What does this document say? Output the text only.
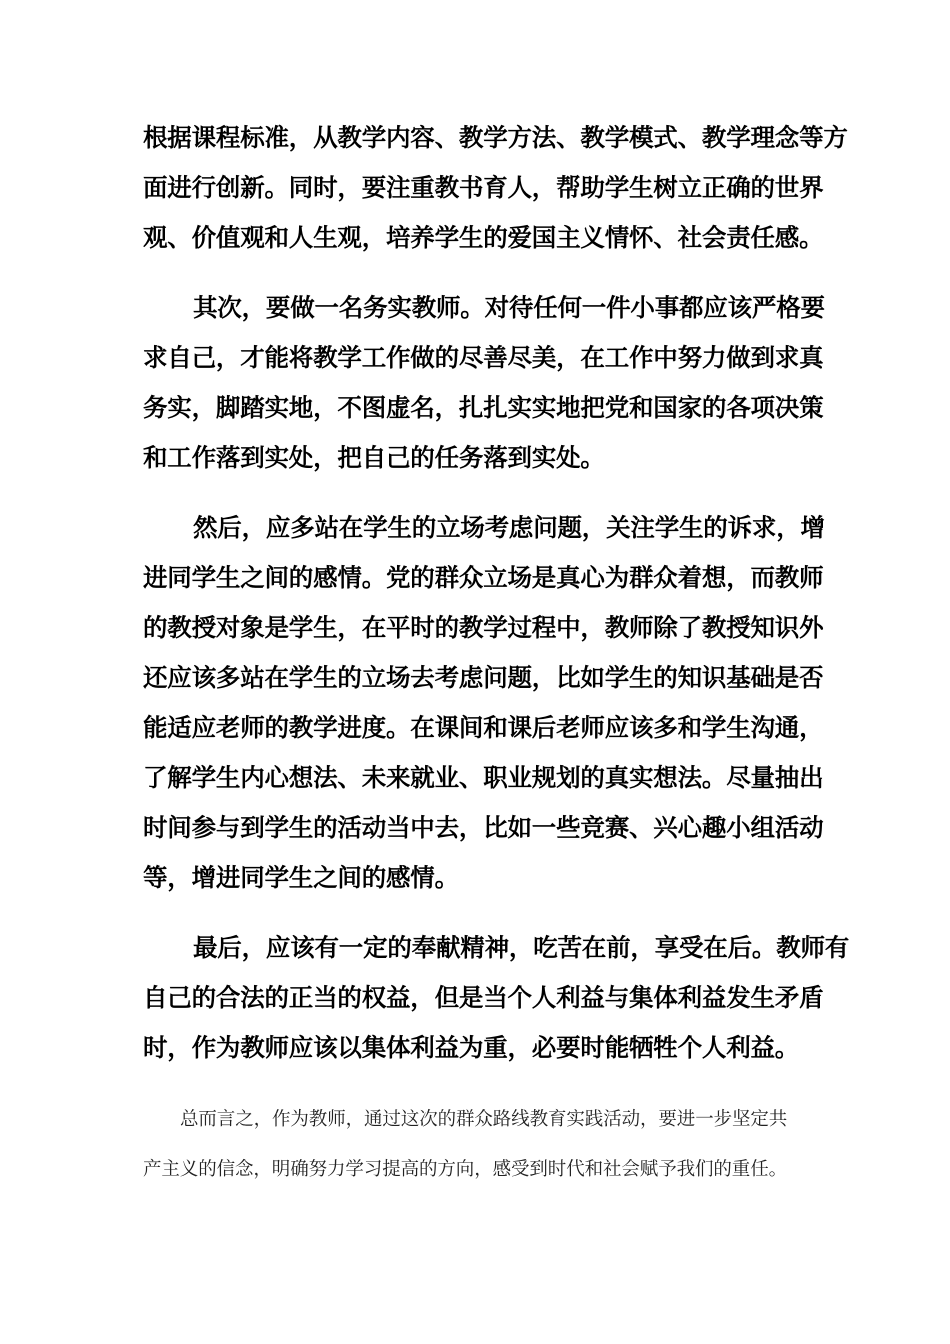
根据课程标准，从教学内容、教学方法、教学模式、教学理念等方
面进行创新。同时，要注重教书育人，帮助学生树立正确的世界
观、价值观和人生观，培养学生的爱国主义情怀、社会责任感。
其次，要做一名务实教师。对待任何一件小事都应该严格要
求自己，才能将教学工作做的尽善尽美，在工作中努力做到求真
务实，脚踏实地，不图虚名，扎扎实实地把党和国家的各项决策
和工作落到实处，把自己的任务落到实处。
然后，应多站在学生的立场考虑问题，关注学生的诉求，增
进同学生之间的感情。党的群众立场是真心为群众着想，而教师
的教授对象是学生，在平时的教学过程中，教师除了教授知识外
还应该多站在学生的立场去考虑问题，比如学生的知识基础是否
能适应老师的教学进度。在课间和课后老师应该多和学生沟通，
了解学生内心想法、未来就业、职业规划的真实想法。尽量抽出
时间参与到学生的活动当中去，比如一些竞赛、兴心趣小组活动
等，增进同学生之间的感情。
最后，应该有一定的奉献精神，吃苦在前，享受在后。教师有
自己的合法的正当的权益，但是当个人利益与集体利益发生矛盾
时，作为教师应该以集体利益为重，必要时能牺牲个人利益。
总而言之，作为教师，通过这次的群众路线教育实践活动，要进一步坚定共
产主义的信念，明确努力学习提高的方向，感受到时代和社会赋予我们的重任。
